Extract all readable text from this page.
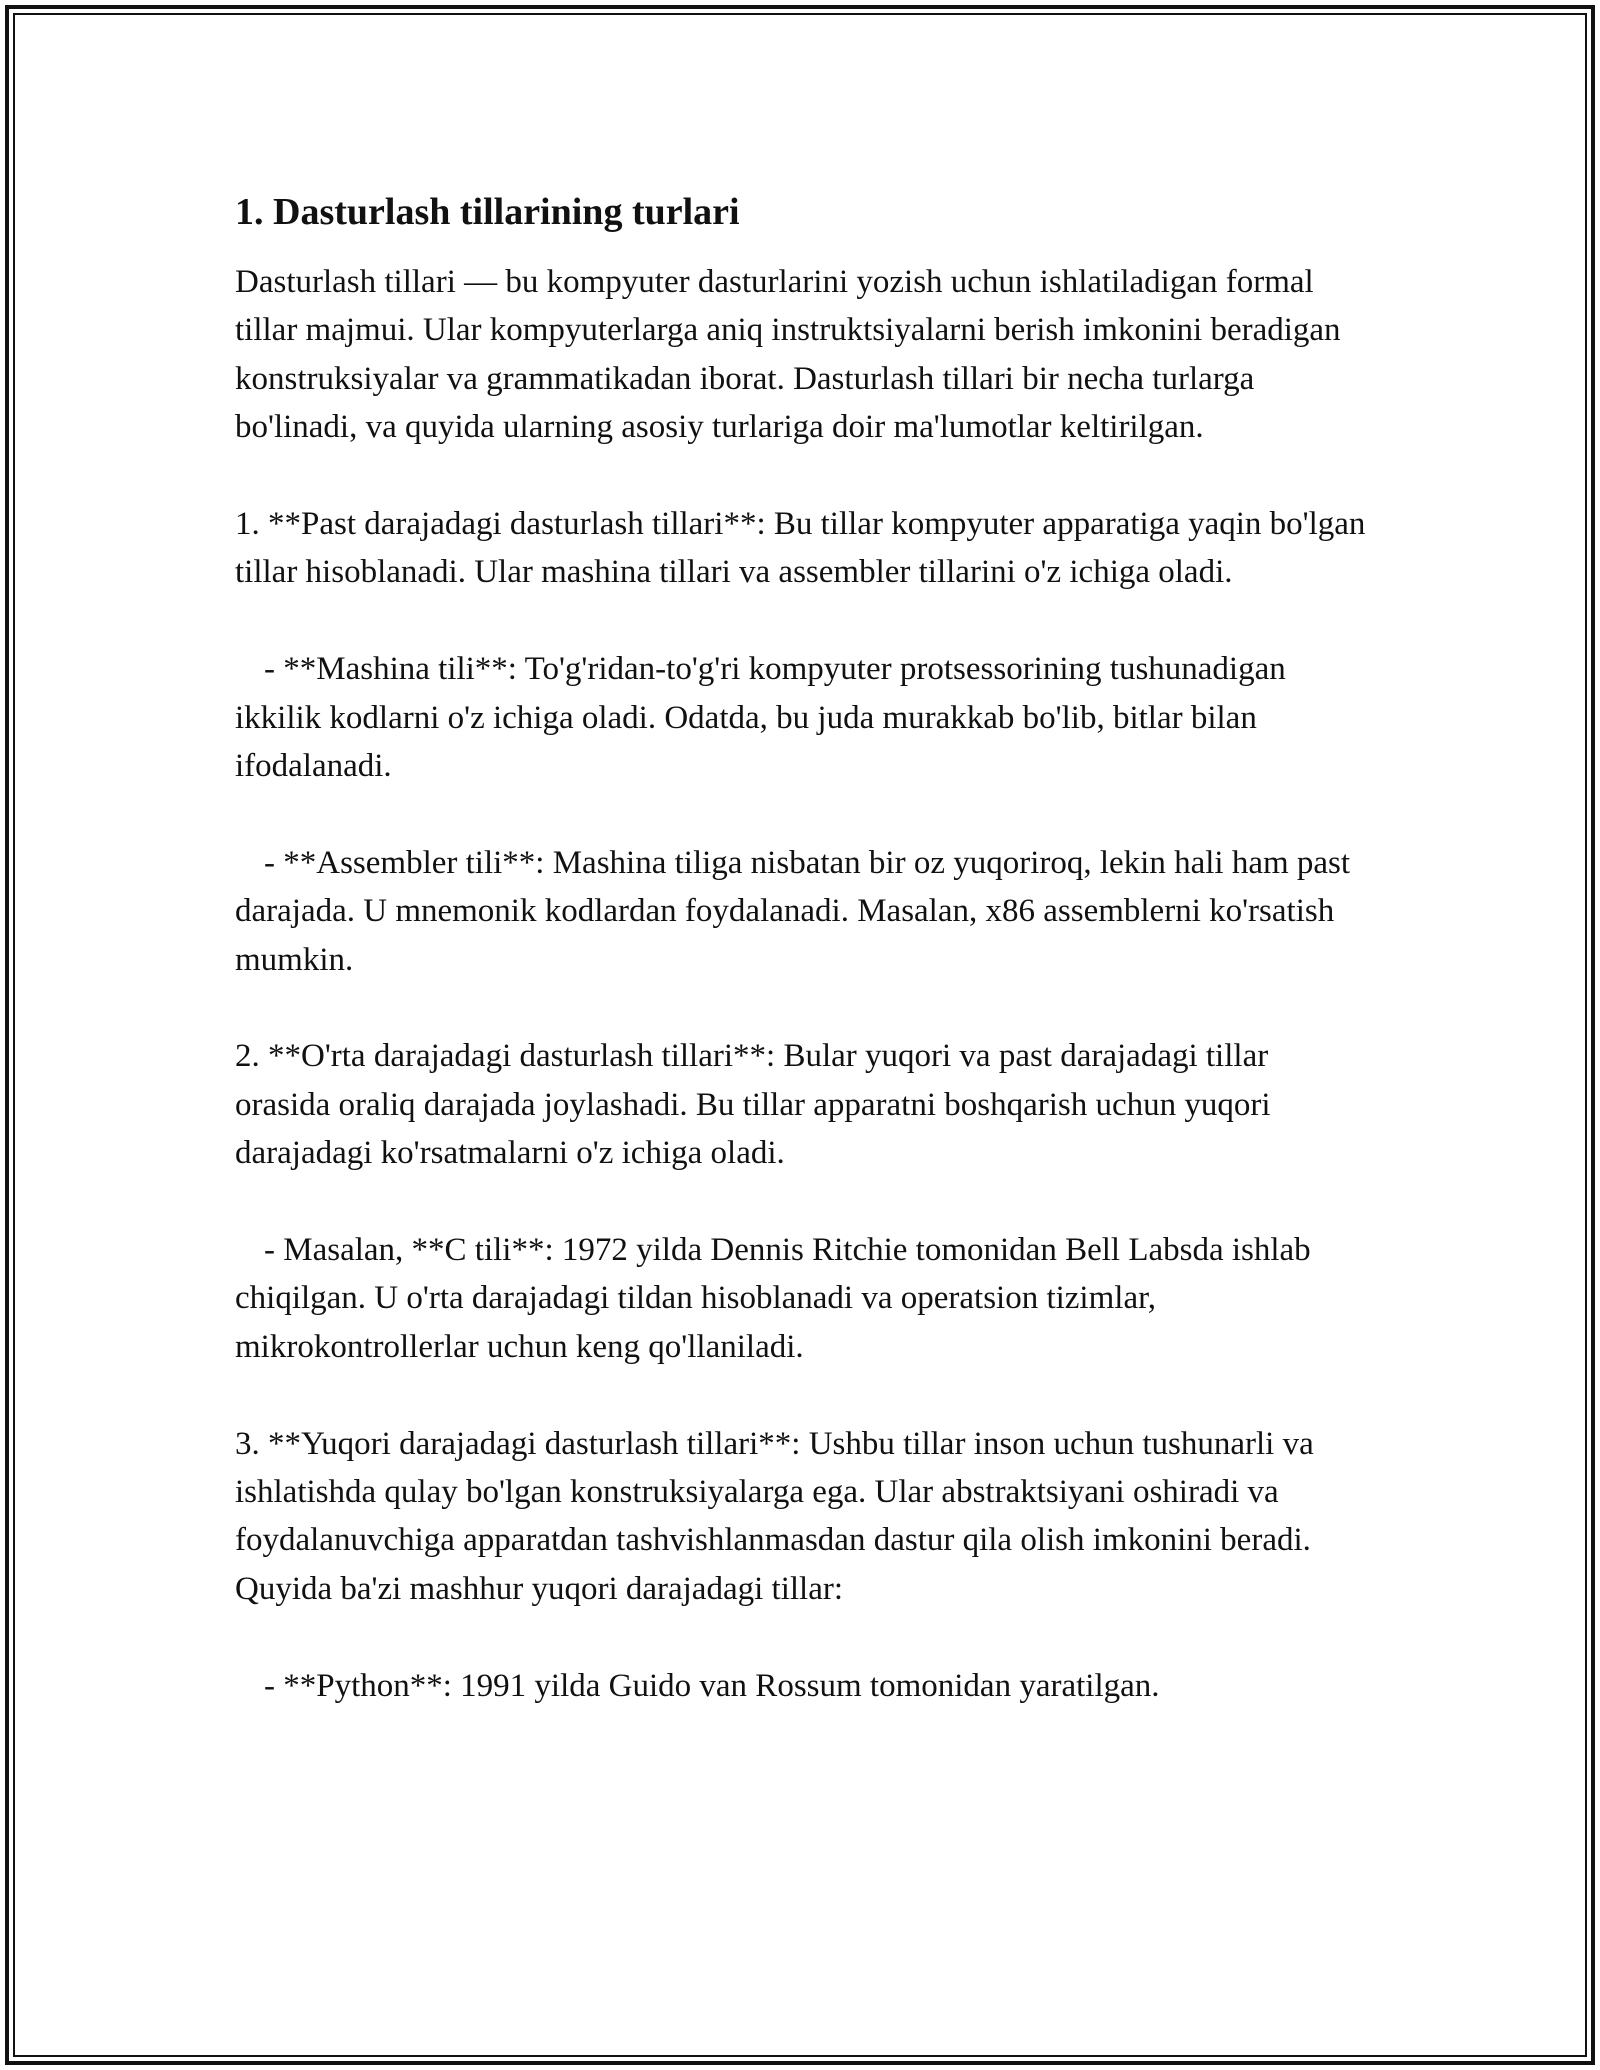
1. Dasturlash tillarining turlari

Dasturlash tillari — bu kompyuter dasturlarini yozish uchun ishlatiladigan formal tillar majmui. Ular kompyuterlarga aniq instruktsiyalarni berish imkonini beradigan konstruksiyalar va grammatikadan iborat. Dasturlash tillari bir necha turlarga bo'linadi, va quyida ularning asosiy turlariga doir ma'lumotlar keltirilgan.

1. **Past darajadagi dasturlash tillari**: Bu tillar kompyuter apparatiga yaqin bo'lgan tillar hisoblanadi. Ular mashina tillari va assembler tillarini o'z ichiga oladi.

- **Mashina tili**: To'g'ridan-to'g'ri kompyuter protsessorining tushunadigan ikkilik kodlarni o'z ichiga oladi. Odatda, bu juda murakkab bo'lib, bitlar bilan ifodalanadi.

- **Assembler tili**: Mashina tiliga nisbatan bir oz yuqoriroq, lekin hali ham past darajada. U mnemonik kodlardan foydalanadi. Masalan, x86 assemblerni ko'rsatish mumkin.

2. **O'rta darajadagi dasturlash tillari**: Bular yuqori va past darajadagi tillar orasida oraliq darajada joylashadi. Bu tillar apparatni boshqarish uchun yuqori darajadagi ko'rsatmalarni o'z ichiga oladi.

- Masalan, **C tili**: 1972 yilda Dennis Ritchie tomonidan Bell Labsda ishlab chiqilgan. U o'rta darajadagi tildan hisoblanadi va operatsion tizimlar, mikrokontrollerlar uchun keng qo'llaniladi.

3. **Yuqori darajadagi dasturlash tillari**: Ushbu tillar inson uchun tushunarli va ishlatishda qulay bo'lgan konstruksiyalarga ega. Ular abstraktsiyani oshiradi va foydalanuvchiga apparatdan tashvishlanmasdan dastur qila olish imkonini beradi. Quyida ba'zi mashhur yuqori darajadagi tillar:

- **Python**: 1991 yilda Guido van Rossum tomonidan yaratilgan.
